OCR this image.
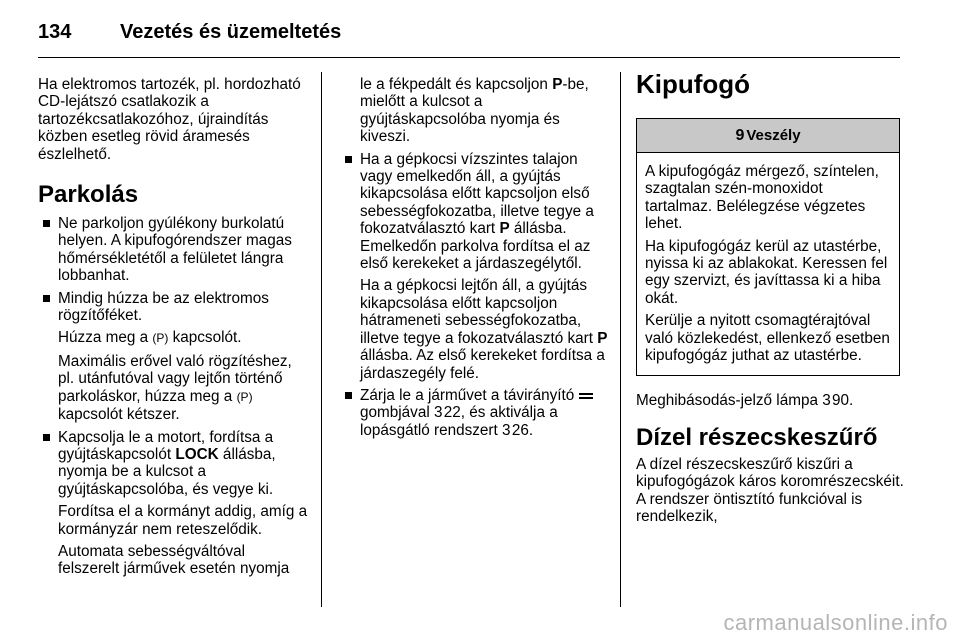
134	Vezetés és üzemeltetés

Ha elektromos tartozék, pl. hordozható CD-lejátszó csatlakozik a tartozékcsatlakozóhoz, újraindítás közben esetleg rövid áramesés észlelhető.

Parkolás
Ne parkoljon gyúlékony burkolatú helyen. A kipufogórendszer magas hőmérsékletétől a felületet lángra lobbanhat.
Mindig húzza be az elektromos rögzítőféket.
Húzza meg a (P) kapcsolót.
Maximális erővel való rögzítéshez, pl. utánfutóval vagy lejtőn történő parkoláskor, húzza meg a (P) kapcsolót kétszer.
Kapcsolja le a motort, fordítsa a gyújtáskapcsolót LOCK állásba, nyomja be a kulcsot a gyújtáskapcsolóba, és vegye ki.
Fordítsa el a kormányt addig, amíg a kormányzár nem reteszelődik.
Automata sebességváltóval felszerelt járművek esetén nyomja
le a fékpedált és kapcsoljon P-be, mielőtt a kulcsot a gyújtáskapcsolóba nyomja és kiveszi.
Ha a gépkocsi vízszintes talajon vagy emelkedőn áll, a gyújtás kikapcsolása előtt kapcsoljon első sebességfokozatba, illetve tegye a fokozatválasztó kart P állásba. Emelkedőn parkolva fordítsa el az első kerekeket a járdaszegélytől.
Ha a gépkocsi lejtőn áll, a gyújtás kikapcsolása előtt kapcsoljon hátrameneti sebességfokozatba, illetve tegye a fokozatválasztó kart P állásba. Az első kerekeket fordítsa a járdaszegély felé.
Zárja le a járművet a távirányító
gombjával 3 22, és aktiválja a lopásgátló rendszert 3 26.
Kipufogó
9 Veszély

A kipufogógáz mérgező, színtelen, szagtalan szén-monoxidot tartalmaz. Belélegzése végzetes lehet.

Ha kipufogógáz kerül az utastérbe, nyissa ki az ablakokat. Keressen fel egy szervizt, és javíttassa ki a hiba okát.

Kerülje a nyitott csomagtérajtóval való közlekedést, ellenkező esetben kipufogógáz juthat az utastérbe.

Meghibásodás-jelző lámpa 3 90.

Dízel részecskeszűrő

A dízel részecskeszűrő kiszűri a kipufogógázok káros koromrészecskéit. A rendszer öntisztító funkcióval is rendelkezik,

carmanualsonline.info
